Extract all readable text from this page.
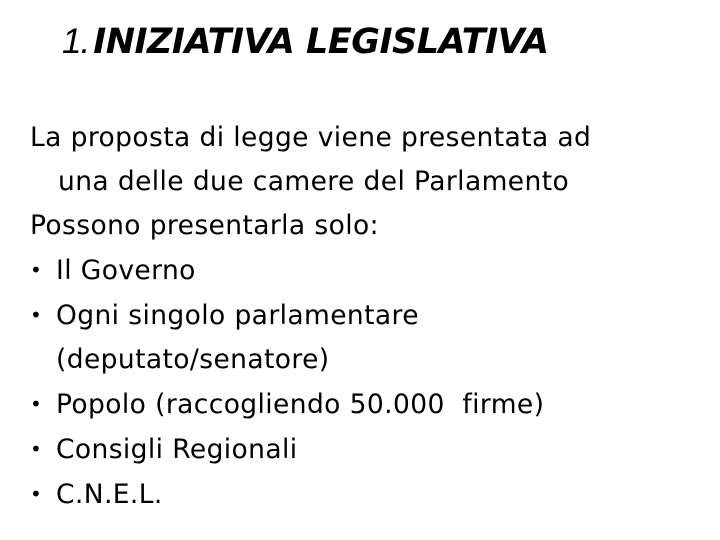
1. INIZIATIVA LEGISLATIVA
La proposta di legge viene presentata ad
una delle due camere del Parlamento
Possono presentarla solo:
• Il Governo
• Ogni singolo parlamentare
(deputato/senatore)
• Popolo (raccogliendo 50.000  firme)
• Consigli Regionali
• C.N.E.L.
